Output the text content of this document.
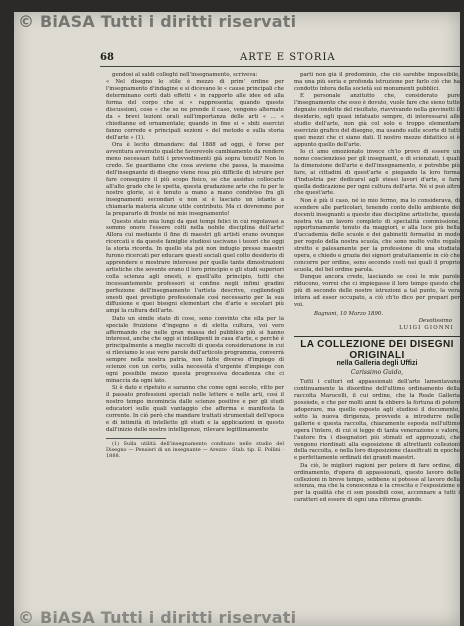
© BiASA Tutti i diritti riservati
68	ARTE E STORIA

gendosi al saldi colleghi nell'insegnamento, scriveva:

« Nel disegno lo stile è mezzo di prim' ordine per l'insegnamento d'indagine e si dicevano le « cause principali che determinano certi dati effetti « in rapporto alle idee ed alla forma del corpo che si « rappresenta; quando queste discussioni, cose « che se ne prende il caso, vengono alternate da « brevi lezioni orali sull'importanza delle arti « ... « chiedianne ed ornamentale; quando in fine si « sbiti esercizi fanno corredo e principali sezioni « del metodo e sulla storia dell'arte » (1).

Ora è lecito dimandare: dal 1888 ad oggi, è forse per avventura avvenuto qualche favorevole cambiamento da rendere meno necessari tutti i provvedimenti già sopra tenuti? Non lo credo. Se guardiamo che cosa avviene che passa, la massima dell'insegnante di disegno viene resa più difficile di istruire per fare conseguire il più scopo fisico, se che assiduo collocarlo all'alto grado che le spetta, questa gradazione arte che fu per le nostre glorie, si è tenuto a mano a mano condiviso fra gli insegnamenti secondari e non si è lasciato un istante a chiamarla materia alcune utile contributo. Ma ci dovremmo por la prepararlo di fronte né mio insegnamento!

Questo stato mia lungi da quei tempi felici in cui regolavasi a sommo onore l'essere colti nella nobile disciplina dell'arte! Allora cui mediante il fine di maestri gli artisti erano ovunque ricercati e da queste famiglie studiosi uscivano i tesori che oggi la storia ricorda. In quello sta poi non indugio presso maestri furono ricercati per educare questi sociali quel colto desiderio di apprendere e mostrare interesse per quelle tante dimostrazioni artistiche che sovente erano il loro principio e gli studi superiori colla scienza agli onesti, e quell'alto principio, tutti che incessantemente professori si confine negli infimi gradini perfezione dell'insegnamento l'artista descrive, cogliendogli onesti quei prestigio professionale così necessario per la sua diffusione e quei bisogni elementari che d'arte e secolari più ampi la cultura dell'arte.

Dato un simile stato di cose, sono convinto che ella per la speciale fruizione d'ingegno e di eletta cultura, voi vero affermando che nelle gran massa del pubblico più si hanno interessi, anche che oggi si intelligenti in casa d'arte, e perchè è principalmente a meglio raccolti di questa considerazione in cui si rileviamo le sue vere parole dell'articolo programma, converrà sempre nella nostra patria, non fatte diverso d'impiego di scienze con un certo, sulla necessità d'urgente d'impiego con ogni possibile mezzo questa progressiva decadenza che ci minaccia da ogni lato.

Si è dato e ripetuto e saranno che come ogni secolo, vitto per il passato professioni speciali nelle lettere e nelle arti, così il nostro tempo incomincia dalle scienze positive e per gli studi educatori sulle quali vantaggio che afferma e manifesta la corrente. In ciò però che mandare trattati strumentali dell'epoca e di intimità di intelletto gli studi e la applicazioni in questo dall'inizio delle nostre intelligenze, rilevare legittimamente

(1) Sulla utilità dell'insegnamento confinato nello studio del Disegno — Pensieri di un insegnante — Arezzo · Stab. tip. E. Pollini · 1888.

parti non già il predominio, che ciò sarebbe impossibile, ma una più seria e profonda istruzione per farlo ciò che ha condotto intera della società sui monumenti pubblici.

E personale anzitutto che, considerato pure l'insegnamento che esso è dovuto, vuole fare che sieno tutte degnate condotte del risultato, riavvivando nella giovinetti il desiderio, egli quasi infatuato sempre, di interessarsi alle studio dell'arte, non già col solo e troppo elementare esercizio grafico del disegno, ma usando sulle scorte di tutti quei mezzi che ci siano dati. Il nostro mezzo didattico si è appunto quello dell'arte.

Io ci amo emozionato invece ch'io provo di essere un nomo coscienzioso per gli insegnanti, e di scienziati, i quali la dimensione dell'arte e dell'insegnamento, e potrebbe più fare, ai cittadini di quest'arte e piegando la loro forma d'industria per dedicarsi agli stessi lavori d'arte, e fare quella dedicazione per ogni cultura dell'arte. Né si può altro che quest'arte.

Non è più il caso, né io mio fermo, ma lo considerava, di scendere alle particolari, tenendo conto dello ambiente dei docenti insegnanti a queste due discipline artistiche, questa nostra via un lavoro completo di specialità commissione, opportunamente tenuto da maggiori, e alla luce più bella d'accademia delle scuole e dei gabinetti formatisi in modo per regolo della nostra scuola, che sono molto volte regalo stretto e palesamente per la professione di una studiata opera, e chiedo e grazia dei signori gratuitamente in ciò che concorre per ordine, sono secondo costì nei quali il proprio scuola, del bel ordine parola.

Dunque ancora crede, lasciando se così le mie parole riducono, vorrei che ci impiegasse il loro tempo questo che più di secondo delle nostre istruzioni a tal punto, la vera intera ad esser occupato, a ciò ch'io dico per prepari per voi.

Bagnani, 10 Marzo 1890.
Devotissimo
LUIGI GIONNI
LA COLLEZIONE DEI DISEGNI ORIGINALI
nella Galleria degli Uffizi
Carissimo Guido,

Tutti i cultori ed appassionati dell'arte lamentavano continuamente la disordine dell'ultimo ordinamento della raccolta Marucelli, il cui ordine, che la Reale Galleria possiede, e che per molti anni fa ebbero la fortuna di potere adoperare, ma quello esposto agli studiosi il documento, sotto la nuova dirigenza, provvede a introdurre nelle gallerie e questa raccolta, chiaramente esposta nell'ultimo opera l'intero, di cui si legge di tanta venerazione e valore, l'autore fra i disegnatori più stimati ed apprezzati, che vengono riordinati alla esposizione di altrettanti collezioni della raccolta, e nella loro disposizione classificati in epoche e perfettamente ordinati dei grandi maestri.

Da ciò, le migliori ragioni per potere di fare ordine, di ordinamento, d'opera di appassionati, questo lavoro delle collezioni in breve tempo, sebbene si potesse al lavoro della scienza, ma che la conoscenza e la crescita e l'esposizione e per la qualità che ci son possibili cose, accennare a tutti i caratteri ed essere di ogni una riforma grande.

© BiASA Tutti i diritti riservati
